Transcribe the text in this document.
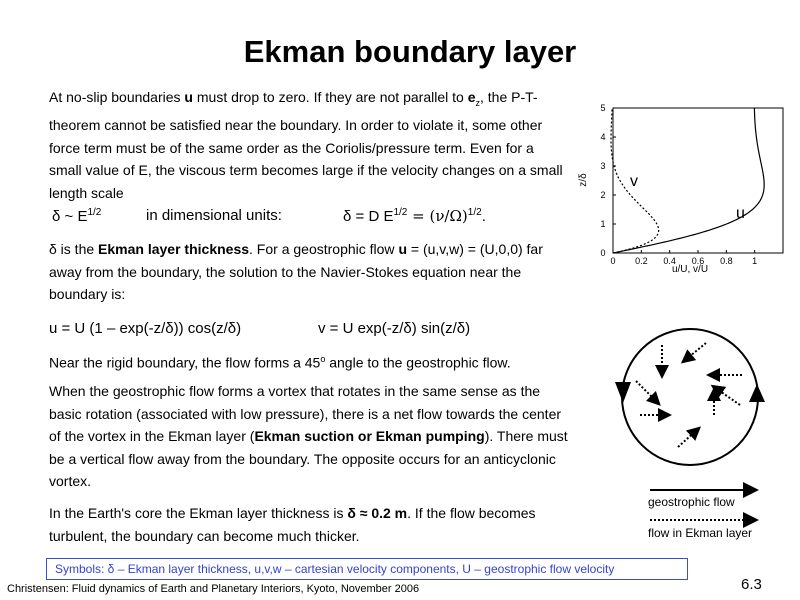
Ekman boundary layer
At no-slip boundaries u must drop to zero. If they are not parallel to $e_z$, the P-T-theorem cannot be satisfied near the boundary. In order to violate it, some other force term must be of the same order as the Coriolis/pressure term. Even for a small value of E, the viscous term becomes large if the velocity changes on a small length scale
δ ~ $E^{1/2}$	in dimensional units:	δ = D $E^{1/2} = (\nu/\Omega)^{1/2}$.
δ is the Ekman layer thickness. For a geostrophic flow u = (u,v,w) = (U,0,0) far away from the boundary, the solution to the Navier-Stokes equation near the boundary is:
u = U (1 – exp(-z/δ)) cos(z/δ)	v = U exp(-z/δ) sin(z/δ)
Near the rigid boundary, the flow forms a 45$^o$ angle to the geostrophic flow.
When the geostrophic flow forms a vortex that rotates in the same sense as the basic rotation (associated with low pressure), there is a net flow towards the center of the vortex in the Ekman layer (Ekman suction or Ekman pumping). There must be a vertical flow away from the boundary. The opposite occurs for an anticyclonic vortex.
In the Earth's core the Ekman layer thickness is δ ≈ 0.2 m. If the flow becomes turbulent, the boundary can become much thicker.
0 0.2 0.4 0.6 0.8 1
0
1
2
3
4
5
v
u
z/δ
u/U, v/U
geostrophic flow
flow in Ekman layer
Symbols: δ – Ekman layer thickness, u,v,w – cartesian velocity components, U – geostrophic flow velocity
Christensen: Fluid dynamics of Earth and Planetary Interiors, Kyoto, November 2006	6.3
